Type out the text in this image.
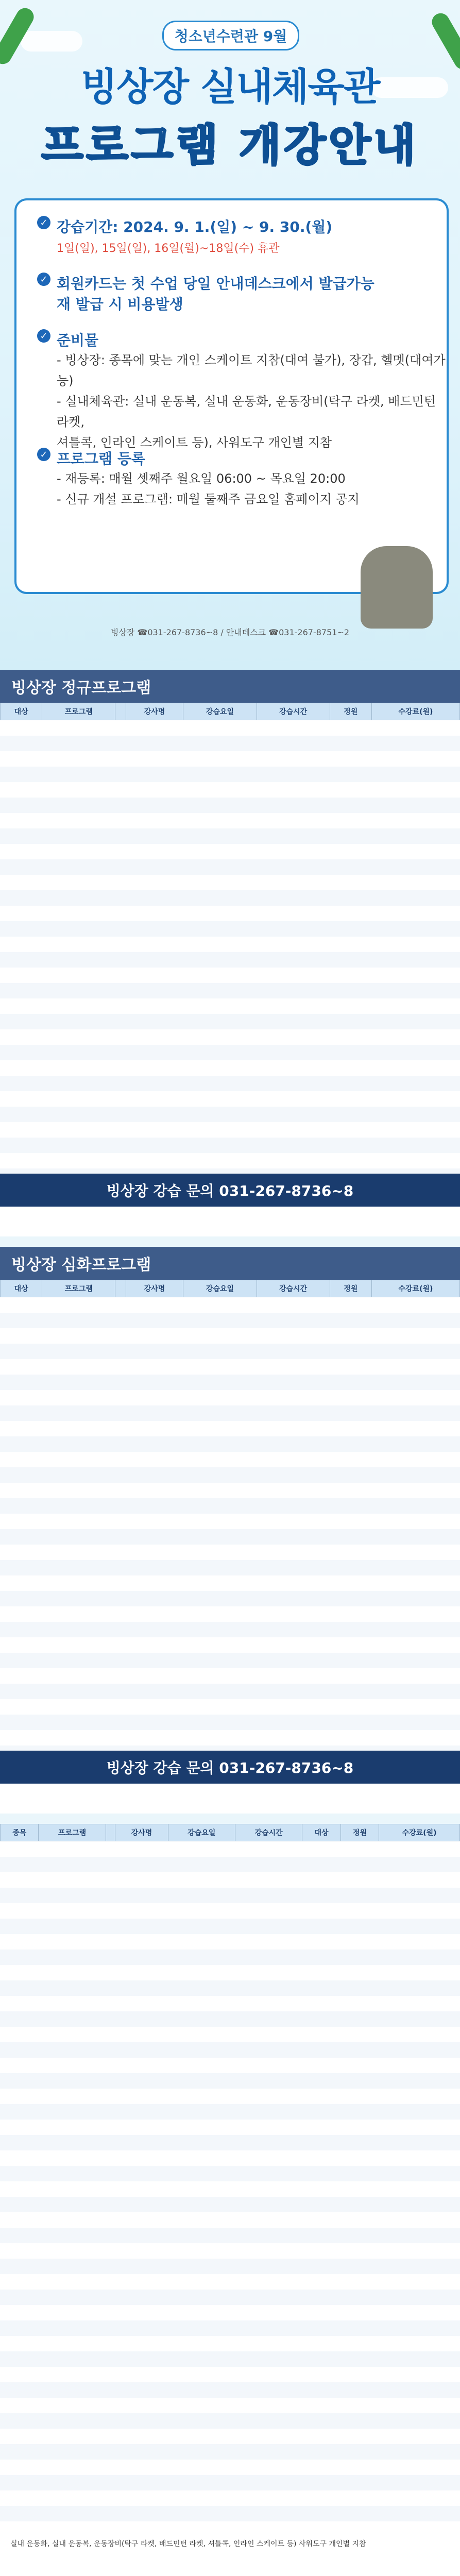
청소년수련관 9월
빙상장 실내체육관
프로그램 개강안내
✓ 강습기간: 2024. 9. 1.(일) ~ 9. 30.(월)
1일(일), 15일(일), 16일(월)~18일(수) 휴관
✓ 회원카드는 첫 수업 당일 안내데스크에서 발급가능
재 발급 시 비용발생
✓ 준비물
- 빙상장: 종목에 맞는 개인 스케이트 지참(대여 불가), 장갑, 헬멧(대여가능)
- 실내체육관: 실내 운동복, 실내 운동화, 운동장비(탁구 라켓, 배드민턴 라켓,
셔틀콕, 인라인 스케이트 등), 사워도구 개인별 지참
✓ 프로그램 등록
- 재등록: 매월 셋째주 월요일 06:00 ~ 목요일 20:00
- 신규 개설 프로그램: 매월 둘째주 금요일 홈페이지 공지
빙상장 ☎031-267-8736~8 / 안내데스크 ☎031-267-8751~2
빙상장 정규프로그램
대상	프로그램		강사명	강습요일	강습시간	정원	수강료(원)
빙상장 강습 문의 031-267-8736~8
빙상장 심화프로그램
대상	프로그램		강사명	강습요일	강습시간	정원	수강료(원)
빙상장 강습 문의 031-267-8736~8
종목	프로그램		강사명	강습요일	강습시간	대상	정원	수강료(원)
실내 운동화, 실내 운동복, 운동장비(탁구 라켓, 배드민턴 라켓, 셔틀콕, 인라인 스케이트 등) 사워도구 개인별 지참
